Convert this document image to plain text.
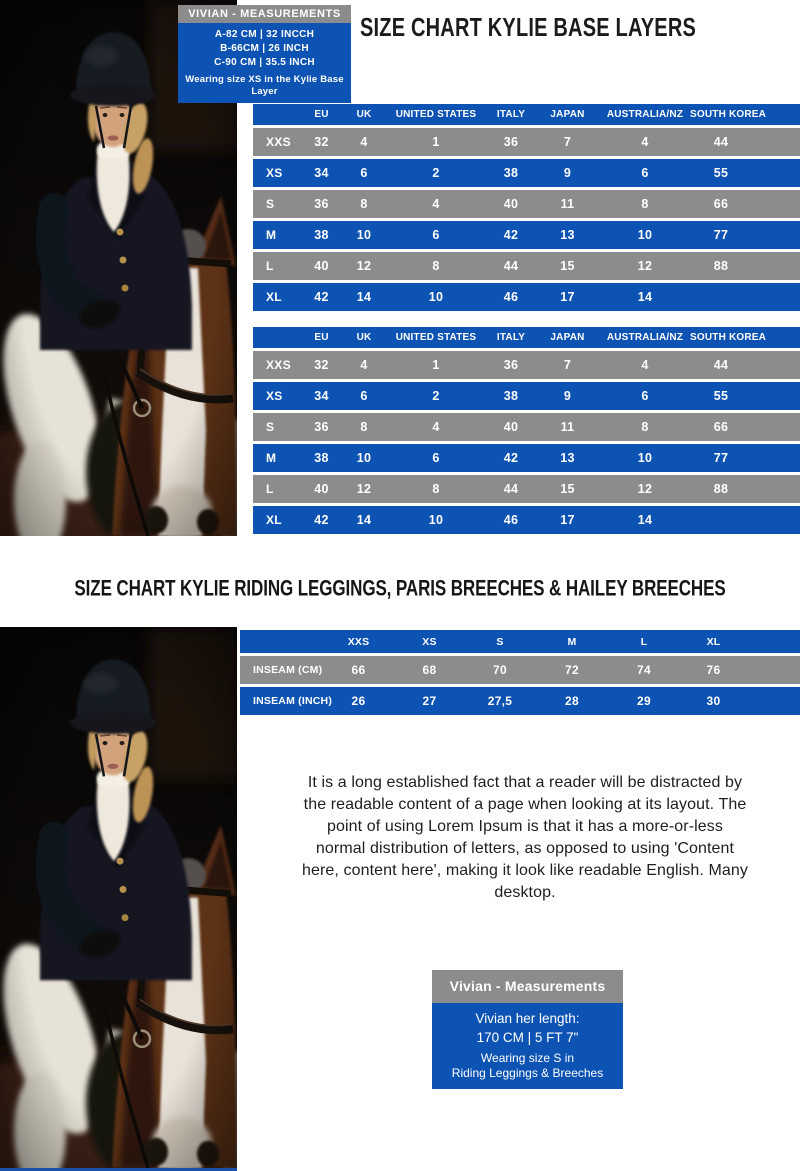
VIVIAN - MEASUREMENTS
A-82 CM | 32 INCCH
B-66CM | 26 INCH
C-90 CM | 35.5 INCH
Wearing size XS in the Kylie Base Layer
SIZE CHART KYLIE BASE LAYERS
	EU	UK	UNITED STATES	ITALY	JAPAN	AUSTRALIA/NZ	SOUTH KOREA
XXS	32	4	1	36	7	4	44
XS	34	6	2	38	9	6	55
S	36	8	4	40	11	8	66
M	38	10	6	42	13	10	77
L	40	12	8	44	15	12	88
XL	42	14	10	46	17	14	
	EU	UK	UNITED STATES	ITALY	JAPAN	AUSTRALIA/NZ	SOUTH KOREA
XXS	32	4	1	36	7	4	44
XS	34	6	2	38	9	6	55
S	36	8	4	40	11	8	66
M	38	10	6	42	13	10	77
L	40	12	8	44	15	12	88
XL	42	14	10	46	17	14	
SIZE CHART KYLIE RIDING LEGGINGS, PARIS BREECHES & HAILEY BREECHES
	XXS	XS	S	M	L	XL
INSEAM (CM)	66	68	70	72	74	76
INSEAM (INCH)	26	27	27,5	28	29	30

It is a long established fact that a reader will be distracted by the readable content of a page when looking at its layout. The point of using Lorem Ipsum is that it has a more-or-less normal distribution of letters, as opposed to using 'Content here, content here', making it look like readable English. Many desktop.

Vivian - Measurements
Vivian her length:
170 CM | 5 FT 7"
Wearing size S in
Riding Leggings & Breeches
